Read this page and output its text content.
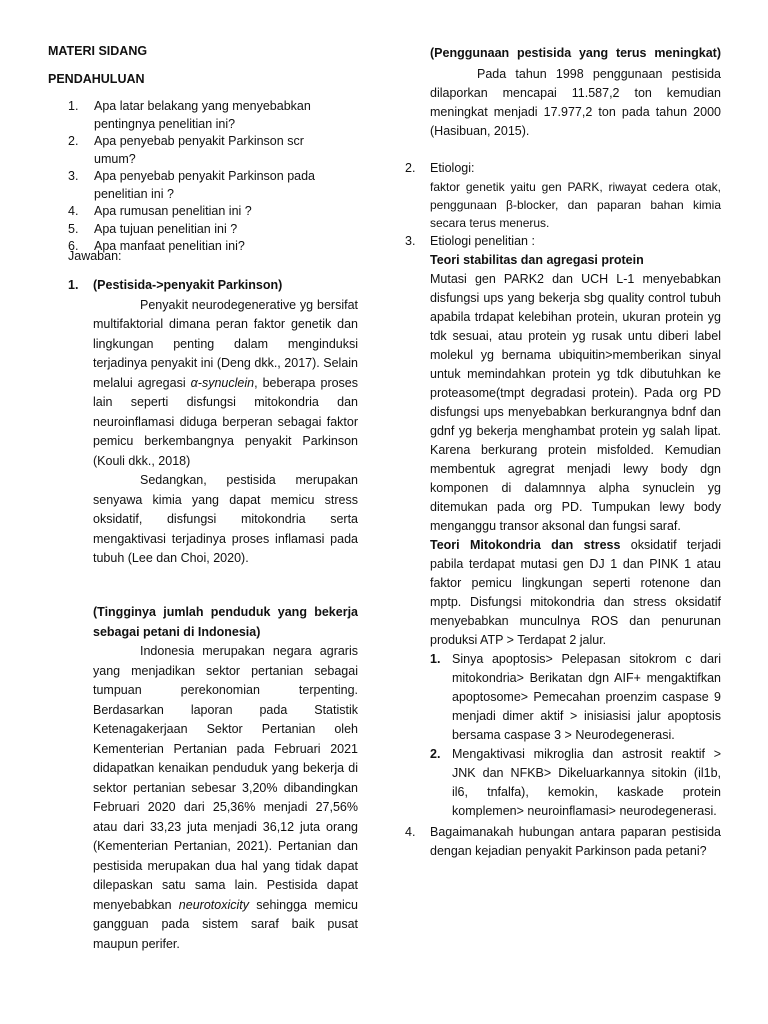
MATERI SIDANG

PENDAHULUAN

1.	Apa latar belakang yang menyebabkan pentingnya penelitian ini?
2.	Apa penyebab penyakit Parkinson scr umum?
3.	Apa penyebab penyakit Parkinson pada penelitian ini ?
4.	Apa rumusan penelitian ini ?
5.	Apa tujuan penelitian ini ?
6.	Apa manfaat penelitian ini?

Jawaban:

1.	(Pestisida->penyakit Parkinson)

Penyakit neurodegenerative yg bersifat multifaktorial dimana peran faktor genetik dan lingkungan penting dalam menginduksi terjadinya penyakit ini (Deng dkk., 2017). Selain melalui agregasi α-synuclein, beberapa proses lain seperti disfungsi mitokondria dan neuroinflamasi diduga berperan sebagai faktor pemicu berkembangnya penyakit Parkinson (Kouli dkk., 2018)

Sedangkan, pestisida merupakan senyawa kimia yang dapat memicu stress oksidatif, disfungsi mitokondria serta mengaktivasi terjadinya proses inflamasi pada tubuh (Lee dan Choi, 2020).

(Tingginya jumlah penduduk yang bekerja sebagai petani di Indonesia)

Indonesia merupakan negara agraris yang menjadikan sektor pertanian sebagai tumpuan perekonomian terpenting. Berdasarkan laporan pada Statistik Ketenagakerjaan Sektor Pertanian oleh Kementerian Pertanian pada Februari 2021 didapatkan kenaikan penduduk yang bekerja di sektor pertanian sebesar 3,20% dibandingkan Februari 2020 dari 25,36% menjadi 27,56% atau dari 33,23 juta menjadi 36,12 juta orang (Kementerian Pertanian, 2021). Pertanian dan pestisida merupakan dua hal yang tidak dapat dilepaskan satu sama lain. Pestisida dapat menyebabkan neurotoxicity sehingga memicu gangguan pada sistem saraf baik pusat maupun perifer.

(Penggunaan pestisida yang terus meningkat)

Pada tahun 1998 penggunaan pestisida dilaporkan mencapai 11.587,2 ton kemudian meningkat menjadi 17.977,2 ton pada tahun 2000 (Hasibuan, 2015).

2.	Etiologi:

faktor genetik yaitu gen PARK, riwayat cedera otak, penggunaan β-blocker, dan paparan bahan kimia secara terus menerus.

3.	Etiologi penelitian :

Teori stabilitas dan agregasi protein

Mutasi gen PARK2 dan UCH L-1 menyebabkan disfungsi ups yang bekerja sbg quality control tubuh apabila trdapat kelebihan protein, ukuran protein yg tdk sesuai, atau protein yg rusak untu diberi label molekul yg bernama ubiquitin>memberikan sinyal untuk memindahkan protein yg tdk dibutuhkan ke proteasome(tmpt degradasi protein). Pada org PD disfungsi ups menyebabkan berkurangnya bdnf dan gdnf yg bekerja menghambat protein yg salah lipat. Karena berkurang protein misfolded. Kemudian membentuk agregrat menjadi lewy body dgn komponen di dalamnnya alpha synuclein yg ditemukan pada org PD. Tumpukan lewy body menganggu transor aksonal dan fungsi saraf.

Teori Mitokondria dan stress oksidatif terjadi pabila terdapat mutasi gen DJ 1 dan PINK 1 atau faktor pemicu lingkungan seperti rotenone dan mptp. Disfungsi mitokondria dan stress oksidatif menyebabkan munculnya ROS dan penurunan produksi ATP > Terdapat 2 jalur.

1. Sinya apoptosis> Pelepasan sitokrom c dari mitokondria> Berikatan dgn AIF+ mengaktifkan apoptosome> Pemecahan proenzim caspase 9 menjadi dimer aktif > inisiasisi jalur apoptosis bersama caspase 3 > Neurodegenerasi.
2. Mengaktivasi mikroglia dan astrosit reaktif > JNK dan NFKB> Dikeluarkannya sitokin (il1b, il6, tnfalfa), kemokin, kaskade protein komplemen> neuroinflamasi> neurodegenerasi.
4.	Bagaimanakah hubungan antara paparan pestisida dengan kejadian penyakit Parkinson pada petani?
